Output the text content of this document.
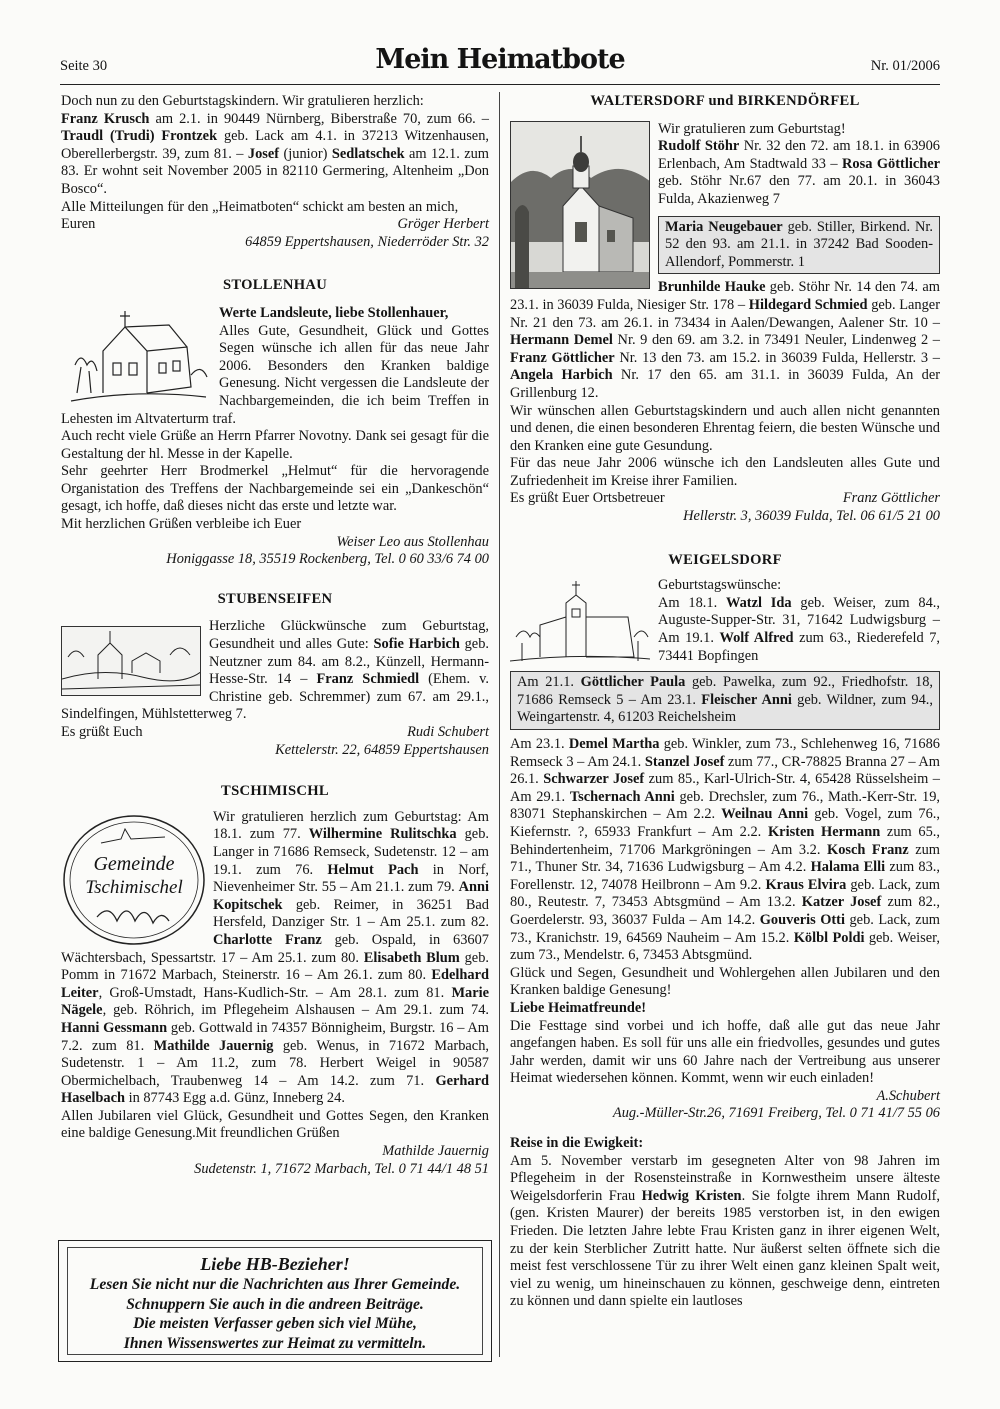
Seite 30	Mein Heimatbote	Nr. 01/2006

Doch nun zu den Geburtstagskindern. Wir gratulieren herzlich:

Franz Krusch am 2.1. in 90449 Nürnberg, Biberstraße 70, zum 66. – Traudl (Trudi) Frontzek geb. Lack am 4.1. in 37213 Witzenhausen, Oberellerbergstr. 39, zum 81. – Josef (junior) Sedlatschek am 12.1. zum 83. Er wohnt seit November 2005 in 82110 Germering, Altenheim „Don Bosco“.

Alle Mitteilungen für den „Heimatboten“ schickt am besten an mich,

Euren	Gröger Herbert

64859 Eppertshausen, Niederröder Str. 32

STOLLENHAU

Werte Landsleute, liebe Stollenhauer,

Alles Gute, Gesundheit, Glück und Gottes Segen wünsche ich allen für das neue Jahr 2006. Besonders den Kranken baldige Genesung. Nicht vergessen die Landsleute der Nachbargemeinden, die ich beim Treffen in Lehesten im Altvaterturm traf.

Auch recht viele Grüße an Herrn Pfarrer Novotny. Dank sei gesagt für die Gestaltung der hl. Messe in der Kapelle.

Sehr geehrter Herr Brodmerkel „Helmut“ für die hervoragende Organistation des Treffens der Nachbargemeinde sei ein „Dankeschön“ gesagt, ich hoffe, daß dieses nicht das erste und letzte war.

Mit herzlichen Grüßen verbleibe ich Euer

Weiser Leo aus Stollenhau

Honiggasse 18, 35519 Rockenberg, Tel. 0 60 33/6 74 00

STUBENSEIFEN

Herzliche Glückwünsche zum Geburtstag, Gesundheit und alles Gute: Sofie Harbich geb. Neutzner zum 84. am 8.2., Künzell, Hermann-Hesse-Str. 14 – Franz Schmiedl (Ehem. v. Christine geb. Schremmer) zum 67. am 29.1., Sindelfingen, Mühlstetterweg 7.

Es grüßt Euch	Rudi Schubert

Kettelerstr. 22, 64859 Eppertshausen

TSCHIMISCHL

Gemeinde
Tschimischel

Wir gratulieren herzlich zum Geburtstag: Am 18.1. zum 77. Wilhermine Rulitschka geb. Langer in 71686 Remseck, Sudetenstr. 12 – am 19.1. zum 76. Helmut Pach in Norf, Nievenheimer Str. 55 – Am 21.1. zum 79. Anni Kopitschek geb. Reimer, in 36251 Bad Hersfeld, Danziger Str. 1 – Am 25.1. zum 82. Charlotte Franz geb. Ospald, in 63607 Wächtersbach, Spessartstr. 17 – Am 25.1. zum 80. Elisabeth Blum geb. Pomm in 71672 Marbach, Steinerstr. 16 – Am 26.1. zum 80. Edelhard Leiter, Groß-Umstadt, Hans-Kudlich-Str. – Am 28.1. zum 81. Marie Nägele, geb. Röhrich, im Pflegeheim Alshausen – Am 29.1. zum 74. Hanni Gessmann geb. Gottwald in 74357 Bönnigheim, Burgstr. 16 – Am 7.2. zum 81. Mathilde Jauernig geb. Wenus, in 71672 Marbach, Sudetenstr. 1 – Am 11.2, zum 78. Herbert Weigel in 90587 Obermichelbach, Traubenweg 14 – Am 14.2. zum 71. Gerhard Haselbach in 87743 Egg a.d. Günz, Inneberg 24.

Allen Jubilaren viel Glück, Gesundheit und Gottes Segen, den Kranken eine baldige Genesung.Mit freundlichen Grüßen

Mathilde Jauernig

Sudetenstr. 1, 71672 Marbach, Tel. 0 71 44/1 48 51

Liebe HB-Bezieher!
Lesen Sie nicht nur die Nachrichten aus Ihrer Gemeinde.
Schnuppern Sie auch in die andreen Beiträge.
Die meisten Verfasser geben sich viel Mühe,
Ihnen Wissenswertes zur Heimat zu vermitteln.

WALTERSDORF und BIRKENDÖRFEL

Wir gratulieren zum Geburtstag!

Rudolf Stöhr Nr. 32 den 72. am 18.1. in 63906 Erlenbach, Am Stadtwald 33 – Rosa Göttlicher geb. Stöhr Nr.67 den 77. am 20.1. in 36043 Fulda, Akazienweg 7

Maria Neugebauer geb. Stiller, Birkend. Nr. 52 den 93. am 21.1. in 37242 Bad Sooden-Allendorf, Pommerstr. 1

Brunhilde Hauke geb. Stöhr Nr. 14 den 74. am 23.1. in 36039 Fulda, Niesiger Str. 178 – Hildegard Schmied geb. Langer Nr. 21 den 73. am 26.1. in 73434 in Aalen/Dewangen, Aalener Str. 10 – Hermann Demel Nr. 9 den 69. am 3.2. in 73491 Neuler, Lindenweg 2 – Franz Göttlicher Nr. 13 den 73. am 15.2. in 36039 Fulda, Hellerstr. 3 – Angela Harbich Nr. 17 den 65. am 31.1. in 36039 Fulda, An der Grillenburg 12.

Wir wünschen allen Geburtstagskindern und auch allen nicht genannten und denen, die einen besonderen Ehrentag feiern, die besten Wünsche und den Kranken eine gute Gesundung.

Für das neue Jahr 2006 wünsche ich den Landsleuten alles Gute und Zufriedenheit im Kreise ihrer Familien.

Es grüßt Euer Ortsbetreuer	Franz Göttlicher

Hellerstr. 3, 36039 Fulda, Tel. 06 61/5 21 00

WEIGELSDORF

Geburtstagswünsche:

Am 18.1. Watzl Ida geb. Weiser, zum 84., Auguste-Supper-Str. 31, 71642 Ludwigsburg – Am 19.1. Wolf Alfred zum 63., Riederefeld 7, 73441 Bopfingen

Am 21.1. Göttlicher Paula geb. Pawelka, zum 92., Friedhofstr. 18, 71686 Remseck 5 – Am 23.1. Fleischer Anni geb. Wildner, zum 94., Weingartenstr. 4, 61203 Reichelsheim

Am 23.1. Demel Martha geb. Winkler, zum 73., Schlehenweg 16, 71686 Remseck 3 – Am 24.1. Stanzel Josef zum 77., CR-78825 Branna 27 – Am 26.1. Schwarzer Josef zum 85., Karl-Ulrich-Str. 4, 65428 Rüsselsheim – Am 29.1. Tschernach Anni geb. Drechsler, zum 76., Math.-Kerr-Str. 19, 83071 Stephanskirchen – Am 2.2. Weilnau Anni geb. Vogel, zum 76., Kiefernstr. ?, 65933 Frankfurt – Am 2.2. Kristen Hermann zum 65., Behindertenheim, 71706 Markgröningen – Am 3.2. Kosch Franz zum 71., Thuner Str. 34, 71636 Ludwigsburg – Am 4.2. Halama Elli zum 83., Forellenstr. 12, 74078 Heilbronn – Am 9.2. Kraus Elvira geb. Lack, zum 80., Reutestr. 7, 73453 Abtsgmünd – Am 13.2. Katzer Josef zum 82., Goerdelerstr. 93, 36037 Fulda – Am 14.2. Gouveris Otti geb. Lack, zum 73., Kranichstr. 19, 64569 Nauheim – Am 15.2. Kölbl Poldi geb. Weiser, zum 73., Mendelstr. 6, 73453 Abtsgmünd.

Glück und Segen, Gesundheit und Wohlergehen allen Jubilaren und den Kranken baldige Genesung!

Liebe Heimatfreunde!

Die Festtage sind vorbei und ich hoffe, daß alle gut das neue Jahr angefangen haben. Es soll für uns alle ein friedvolles, gesundes und gutes Jahr werden, damit wir uns 60 Jahre nach der Vertreibung aus unserer Heimat wiedersehen können. Kommt, wenn wir euch einladen!

A.Schubert

Aug.-Müller-Str.26, 71691 Freiberg, Tel. 0 71 41/7 55 06

Reise in die Ewigkeit:

Am 5. November verstarb im gesegneten Alter von 98 Jahren im Pflegeheim in der Rosensteinstraße in Kornwestheim unsere älteste Weigelsdorferin Frau Hedwig Kristen. Sie folgte ihrem Mann Rudolf, (gen. Kristen Maurer) der bereits 1985 verstorben ist, in den ewigen Frieden. Die letzten Jahre lebte Frau Kristen ganz in ihrer eigenen Welt, zu der kein Sterblicher Zutritt hatte. Nur äußerst selten öffnete sich die meist fest verschlossene Tür zu ihrer Welt einen ganz kleinen Spalt weit, viel zu wenig, um hineinschauen zu können, geschweige denn, eintreten zu können und dann spielte ein lautloses
